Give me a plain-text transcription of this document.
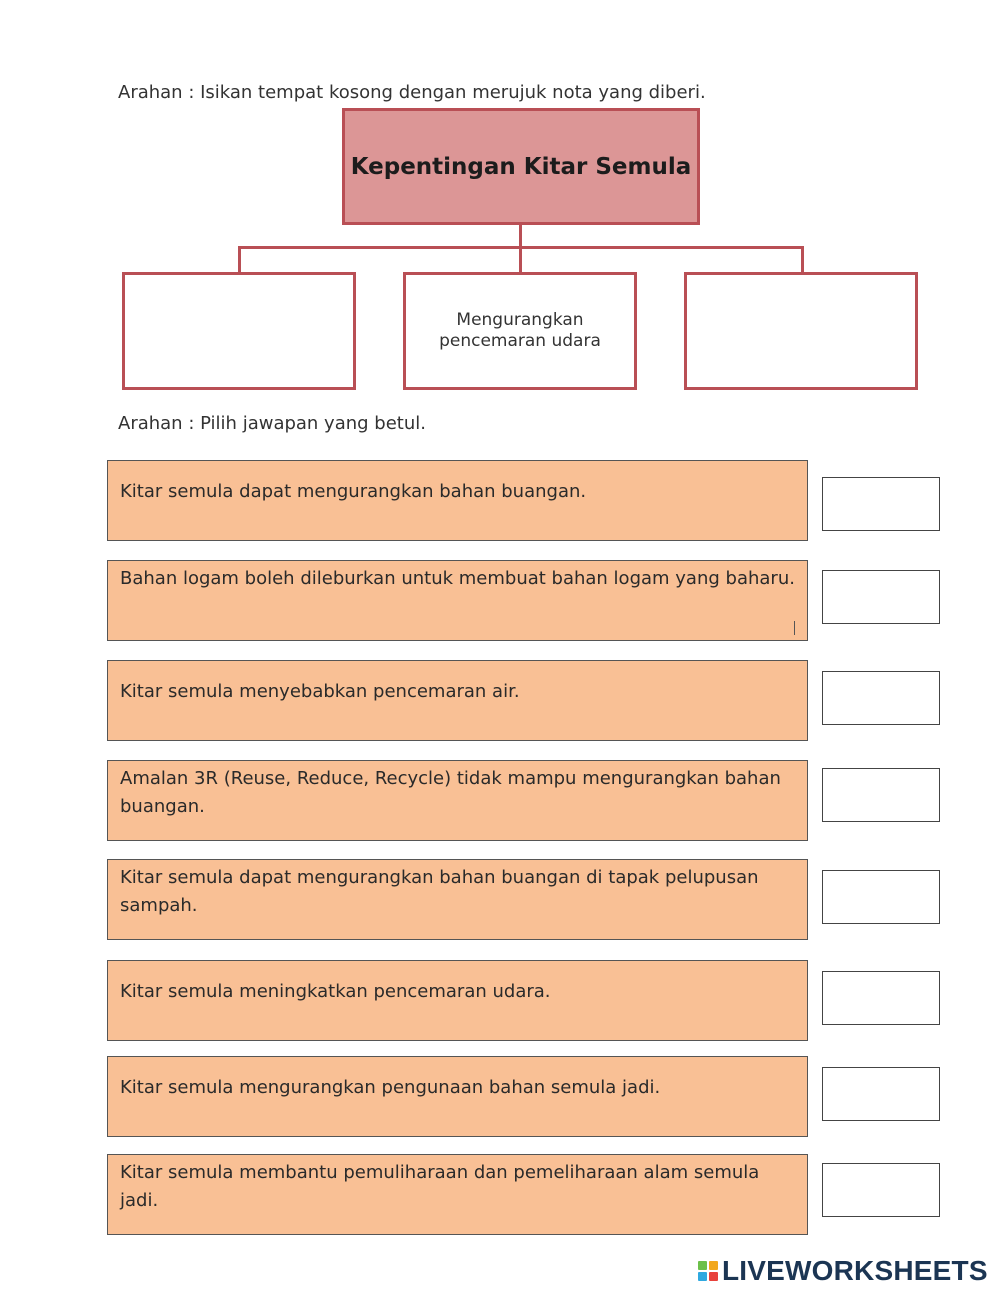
Arahan : Isikan tempat kosong dengan merujuk nota yang diberi.
Kepentingan Kitar Semula
Mengurangkan pencemaran udara
Arahan : Pilih jawapan yang betul.
Kitar semula dapat mengurangkan bahan buangan.
Bahan logam boleh dileburkan untuk membuat bahan logam yang baharu.
Kitar semula menyebabkan pencemaran air.
Amalan 3R (Reuse, Reduce, Recycle) tidak mampu mengurangkan bahan buangan.
Kitar semula dapat mengurangkan bahan buangan di tapak pelupusan sampah.
Kitar semula meningkatkan pencemaran udara.
Kitar semula mengurangkan pengunaan bahan semula jadi.
Kitar semula membantu pemuliharaan dan pemeliharaan alam semula jadi.
LIVEWORKSHEETS
